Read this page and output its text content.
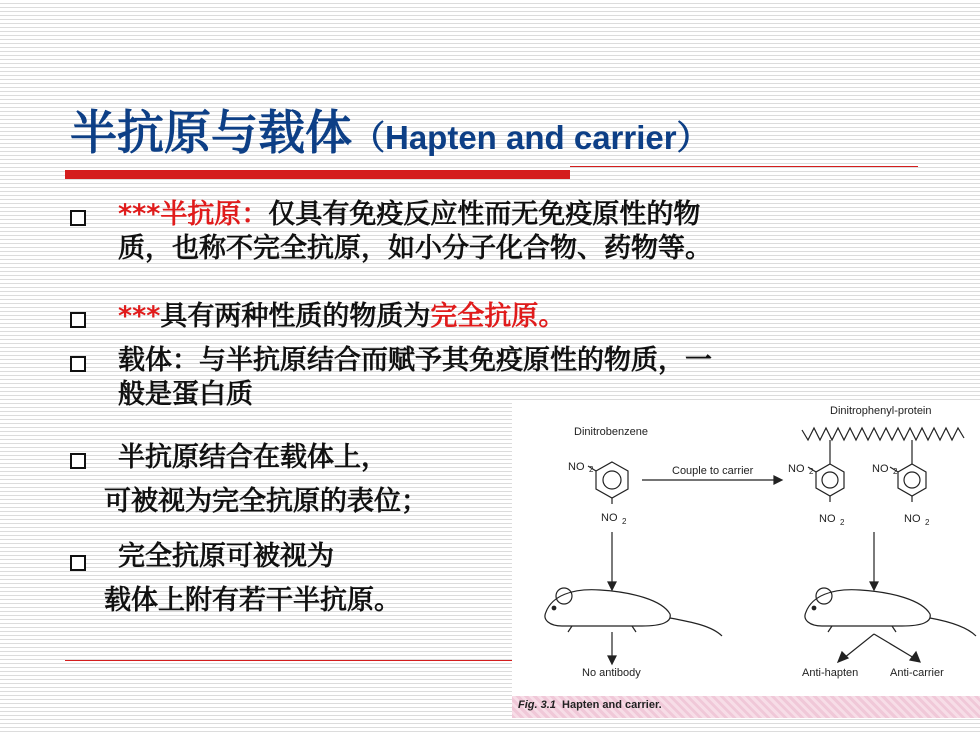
半抗原与载体（Hapten and carrier）
***半抗原：仅具有免疫反应性而无免疫原性的物
质，也称不完全抗原，如小分子化合物、药物等。
***具有两种性质的物质为完全抗原。
载体：与半抗原结合而赋予其免疫原性的物质，一
般是蛋白质
半抗原结合在载体上，
可被视为完全抗原的表位；
完全抗原可被视为
载体上附有若干半抗原。
Dinitrobenzene
Dinitrophenyl-protein
Couple to carrier
NO 2
NO 2
NO 2
NO 2
NO 2
NO 2
No antibody	Anti-hapten	Anti-carrier
Fig. 3.1 Hapten and carrier.
